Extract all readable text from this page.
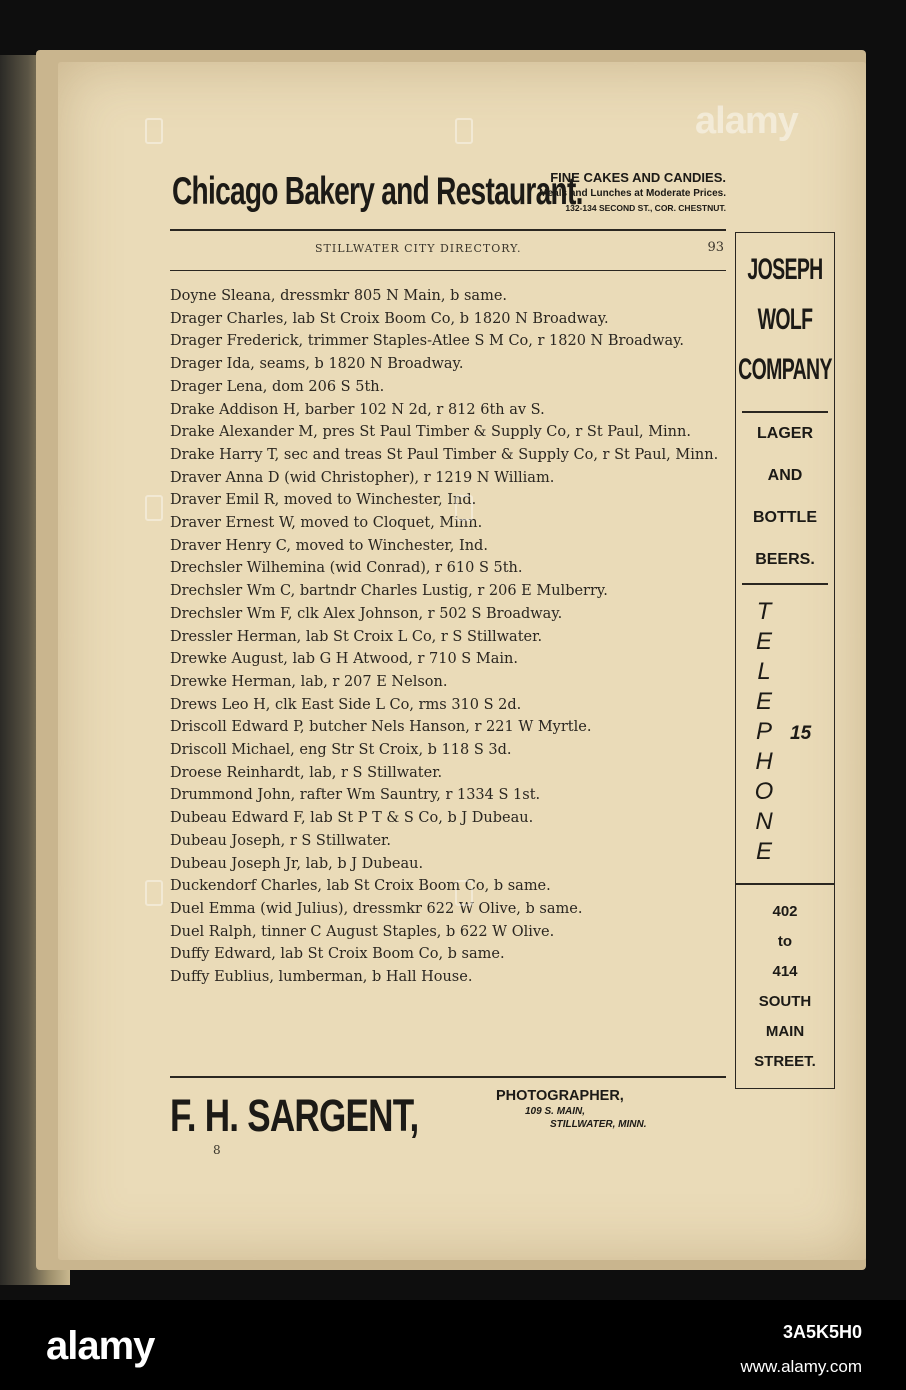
Chicago Bakery and Restaurant.
FINE CAKES AND CANDIES.
Meals and Lunches at Moderate Prices.
132-134 SECOND ST., COR. CHESTNUT.
STILLWATER CITY DIRECTORY.	93
Doyne Sleana, dressmkr 805 N Main, b same.
Drager Charles, lab St Croix Boom Co, b 1820 N Broadway.
Drager Frederick, trimmer Staples-Atlee S M Co, r 1820 N Broadway.
Drager Ida, seams, b 1820 N Broadway.
Drager Lena, dom 206 S 5th.
Drake Addison H, barber 102 N 2d, r 812 6th av S.
Drake Alexander M, pres St Paul Timber & Supply Co, r St Paul, Minn.
Drake Harry T, sec and treas St Paul Timber & Supply Co, r St Paul, Minn.
Draver Anna D (wid Christopher), r 1219 N William.
Draver Emil R, moved to Winchester, Ind.
Draver Ernest W, moved to Cloquet, Minn.
Draver Henry C, moved to Winchester, Ind.
Drechsler Wilhemina (wid Conrad), r 610 S 5th.
Drechsler Wm C, bartndr Charles Lustig, r 206 E Mulberry.
Drechsler Wm F, clk Alex Johnson, r 502 S Broadway.
Dressler Herman, lab St Croix L Co, r S Stillwater.
Drewke August, lab G H Atwood, r 710 S Main.
Drewke Herman, lab, r 207 E Nelson.
Drews Leo H, clk East Side L Co, rms 310 S 2d.
Driscoll Edward P, butcher Nels Hanson, r 221 W Myrtle.
Driscoll Michael, eng Str St Croix, b 118 S 3d.
Droese Reinhardt, lab, r S Stillwater.
Drummond John, rafter Wm Sauntry, r 1334 S 1st.
Dubeau Edward F, lab St P T & S Co, b J Dubeau.
Dubeau Joseph, r S Stillwater.
Dubeau Joseph Jr, lab, b J Dubeau.
Duckendorf Charles, lab St Croix Boom Co, b same.
Duel Emma (wid Julius), dressmkr 622 W Olive, b same.
Duel Ralph, tinner C August Staples, b 622 W Olive.
Duffy Edward, lab St Croix Boom Co, b same.
Duffy Eublius, lumberman, b Hall House.
JOSEPH
WOLF
COMPANY
LAGER
AND
BOTTLE
BEERS.
T
E
L
E
P
H
O
N
E
15
402
to
414
SOUTH
MAIN
STREET.
F. H. SARGENT,	PHOTOGRAPHER,
109 S. MAIN,
STILLWATER, MINN.
8
alamy
alamy	3A5K5H0
www.alamy.com
